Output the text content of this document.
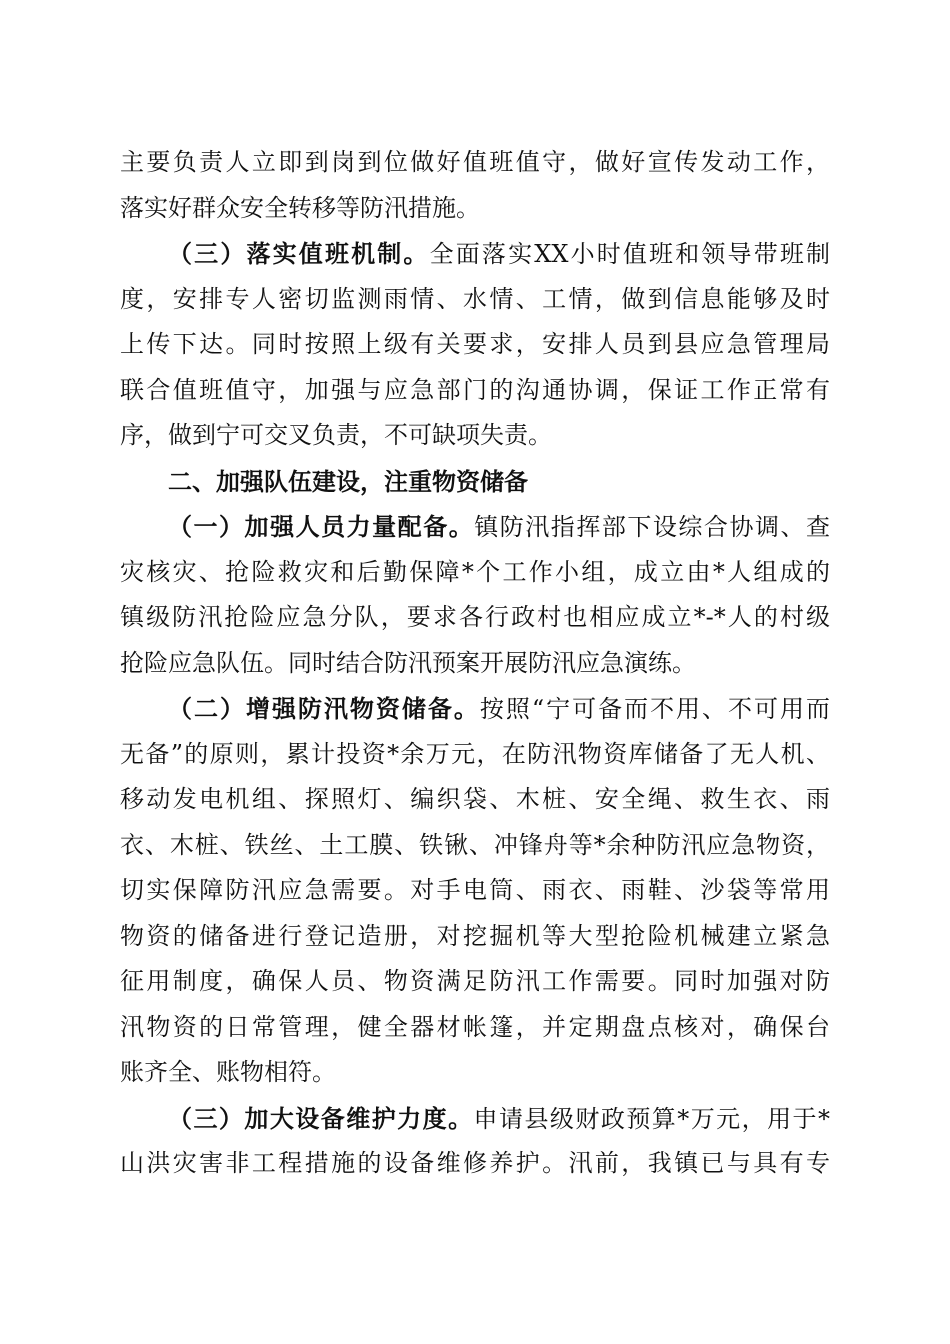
主要负责人立即到岗到位做好值班值守，做好宣传发动工作，
落实好群众安全转移等防汛措施。
（三）落实值班机制。全面落实XX小时值班和领导带班制
度，安排专人密切监测雨情、水情、工情，做到信息能够及时
上传下达。同时按照上级有关要求，安排人员到县应急管理局
联合值班值守，加强与应急部门的沟通协调，保证工作正常有
序，做到宁可交叉负责，不可缺项失责。
二、加强队伍建设，注重物资储备
（一）加强人员力量配备。镇防汛指挥部下设综合协调、查
灾核灾、抢险救灾和后勤保障*个工作小组，成立由*人组成的
镇级防汛抢险应急分队，要求各行政村也相应成立*-*人的村级
抢险应急队伍。同时结合防汛预案开展防汛应急演练。
（二）增强防汛物资储备。按照“宁可备而不用、不可用而
无备”的原则，累计投资*余万元，在防汛物资库储备了无人机、
移动发电机组、探照灯、编织袋、木桩、安全绳、救生衣、雨
衣、木桩、铁丝、土工膜、铁锹、冲锋舟等*余种防汛应急物资，
切实保障防汛应急需要。对手电筒、雨衣、雨鞋、沙袋等常用
物资的储备进行登记造册，对挖掘机等大型抢险机械建立紧急
征用制度，确保人员、物资满足防汛工作需要。同时加强对防
汛物资的日常管理，健全器材帐篷，并定期盘点核对，确保台
账齐全、账物相符。
（三）加大设备维护力度。申请县级财政预算*万元，用于*
山洪灾害非工程措施的设备维修养护。汛前，我镇已与具有专
